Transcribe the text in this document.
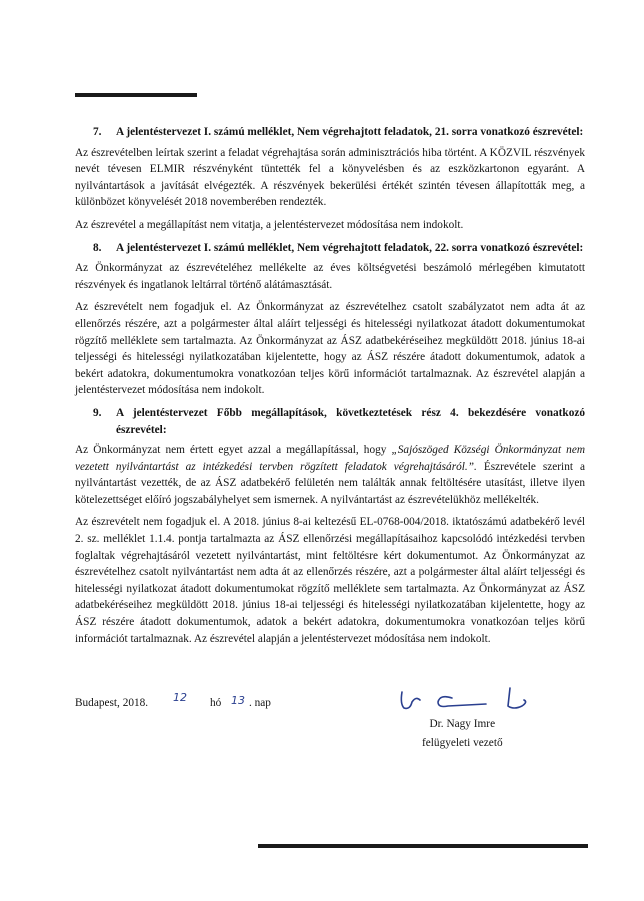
7.	A jelentéstervezet I. számú melléklet, Nem végrehajtott feladatok, 21. sorra vonatkozó észrevétel:

Az észrevételben leírtak szerint a feladat végrehajtása során adminisztrációs hiba történt. A KÖZVIL részvények nevét tévesen ELMIR részvényként tüntették fel a könyvelésben és az eszközkartonon egyaránt. A nyilvántartások a javítását elvégezték. A részvények bekerülési értékét szintén tévesen állapították meg, a különbözet könyvelését 2018 novemberében rendezték.

Az észrevétel a megállapítást nem vitatja, a jelentéstervezet módosítása nem indokolt.

8.	A jelentéstervezet I. számú melléklet, Nem végrehajtott feladatok, 22. sorra vonatkozó észrevétel:

Az Önkormányzat az észrevételéhez mellékelte az éves költségvetési beszámoló mérlegében kimutatott részvények és ingatlanok leltárral történő alátámasztását.

Az észrevételt nem fogadjuk el. Az Önkormányzat az észrevételhez csatolt szabályzatot nem adta át az ellenőrzés részére, azt a polgármester által aláírt teljességi és hitelességi nyilatkozat átadott dokumentumokat rögzítő melléklete sem tartalmazta. Az Önkormányzat az ÁSZ adatbekéréseihez megküldött 2018. június 18-ai teljességi és hitelességi nyilatkozatában kijelentette, hogy az ÁSZ részére átadott dokumentumok, adatok a bekért adatokra, dokumentumokra vonatkozóan teljes körű információt tartalmaznak. Az észrevétel alapján a jelentéstervezet módosítása nem indokolt.

9.	A jelentéstervezet Főbb megállapítások, következtetések rész 4. bekezdésére vonatkozó észrevétel:

Az Önkormányzat nem értett egyet azzal a megállapítással, hogy „Sajószöged Községi Önkormányzat nem vezetett nyilvántartást az intézkedési tervben rögzített feladatok végrehajtásáról.”. Észrevétele szerint a nyilvántartást vezették, de az ÁSZ adatbekérő felületén nem találták annak feltöltésére utasítást, illetve ilyen kötelezettséget előíró jogszabályhelyet sem ismernek. A nyilvántartást az észrevételükhöz mellékelték.

Az észrevételt nem fogadjuk el. A 2018. június 8-ai keltezésű EL-0768-004/2018. iktatószámú adatbekérő levél 2. sz. melléklet 1.1.4. pontja tartalmazta az ÁSZ ellenőrzési megállapításaihoz kapcsolódó intézkedési tervben foglaltak végrehajtásáról vezetett nyilvántartást, mint feltöltésre kért dokumentumot. Az Önkormányzat az észrevételhez csatolt nyilvántartást nem adta át az ellenőrzés részére, azt a polgármester által aláírt teljességi és hitelességi nyilatkozat átadott dokumentumokat rögzítő melléklete sem tartalmazta. Az Önkormányzat az ÁSZ adatbekéréseihez megküldött 2018. június 18-ai teljességi és hitelességi nyilatkozatában kijelentette, hogy az ÁSZ részére átadott dokumentumok, adatok a bekért adatokra, dokumentumokra vonatkozóan teljes körű információt tartalmaznak. Az észrevétel alapján a jelentéstervezet módosítása nem indokolt.

Budapest, 2018. 12 hó 13 . nap
Dr. Nagy Imre
felügyeleti vezető
